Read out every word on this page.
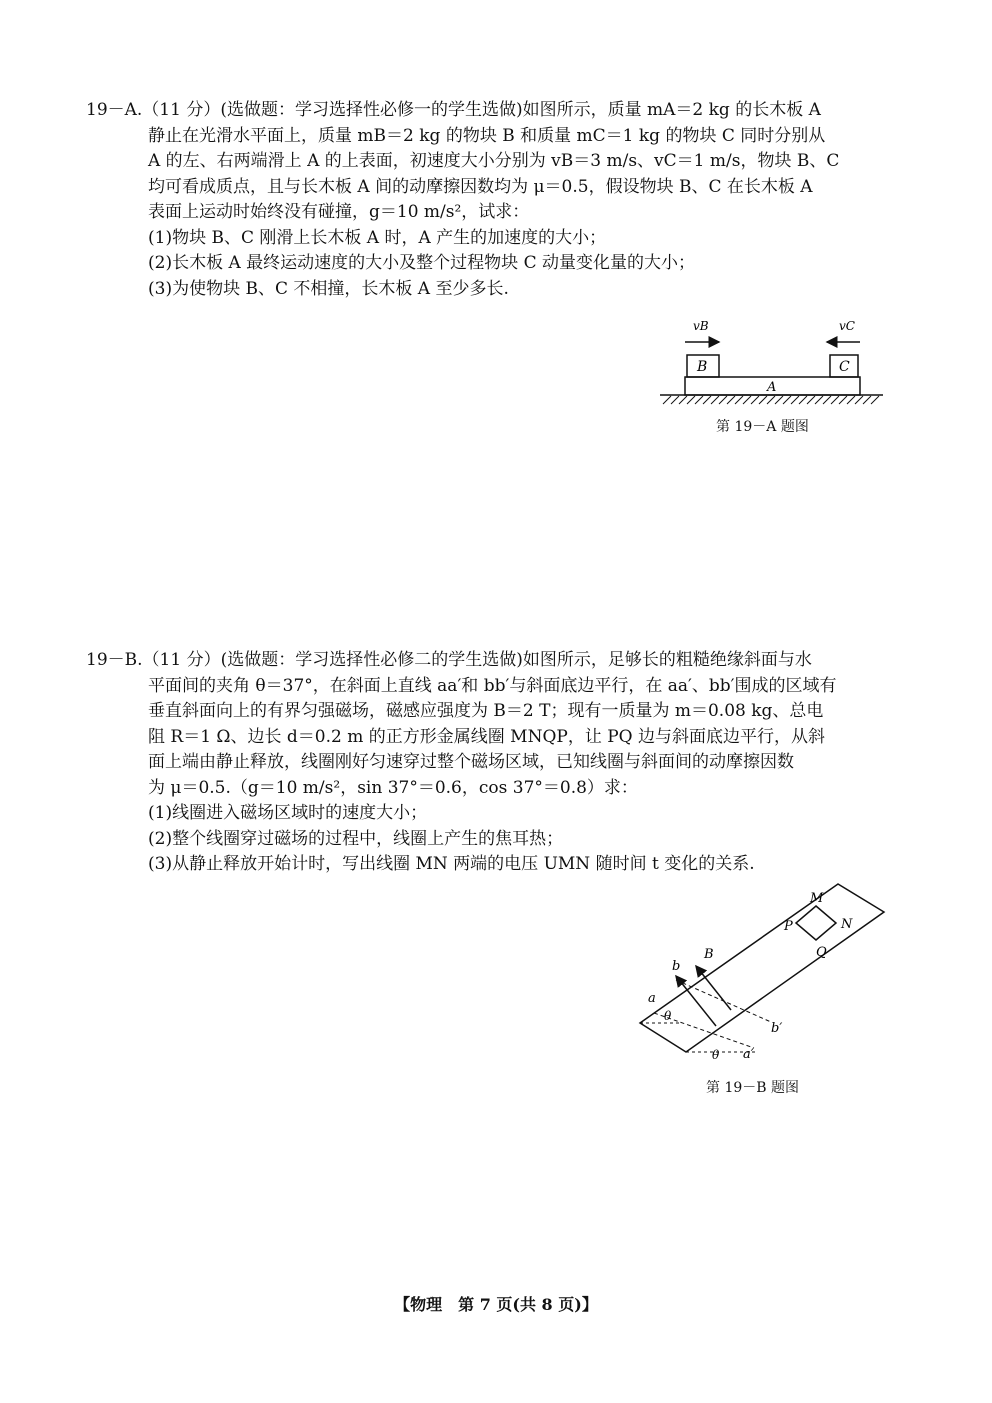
19－A.（11 分）(选做题：学习选择性必修一的学生选做)如图所示，质量 mA＝2 kg 的长木板 A
静止在光滑水平面上，质量 mB＝2 kg 的物块 B 和质量 mC＝1 kg 的物块 C 同时分别从
A 的左、右两端滑上 A 的上表面，初速度大小分别为 vB＝3 m/s、vC＝1 m/s，物块 B、C
均可看成质点，且与长木板 A 间的动摩擦因数均为 μ＝0.5，假设物块 B、C 在长木板 A
表面上运动时始终没有碰撞，g＝10 m/s²，试求：
(1)物块 B、C 刚滑上长木板 A 时，A 产生的加速度的大小；
(2)长木板 A 最终运动速度的大小及整个过程物块 C 动量变化量的大小；
(3)为使物块 B、C 不相撞，长木板 A 至少多长.
A
B	C
vB	vC
第 19－A 题图
19－B.（11 分）(选做题：学习选择性必修二的学生选做)如图所示，足够长的粗糙绝缘斜面与水
平面间的夹角 θ＝37°，在斜面上直线 aa′和 bb′与斜面底边平行，在 aa′、bb′围成的区域有
垂直斜面向上的有界匀强磁场，磁感应强度为 B＝2 T；现有一质量为 m＝0.08 kg、总电
阻 R＝1 Ω、边长 d＝0.2 m 的正方形金属线圈 MNQP，让 PQ 边与斜面底边平行，从斜
面上端由静止释放，线圈刚好匀速穿过整个磁场区域，已知线圈与斜面间的动摩擦因数
为 μ＝0.5.（g＝10 m/s²，sin 37°＝0.6，cos 37°＝0.8）求：
(1)线圈进入磁场区域时的速度大小；
(2)整个线圈穿过磁场的过程中，线圈上产生的焦耳热；
(3)从静止释放开始计时，写出线圈 MN 两端的电压 UMN 随时间 t 变化的关系.
M
N
P
Q
B
b
a
b′
a′
θ
θ
第 19－B 题图
【物理　第 7 页(共 8 页)】
